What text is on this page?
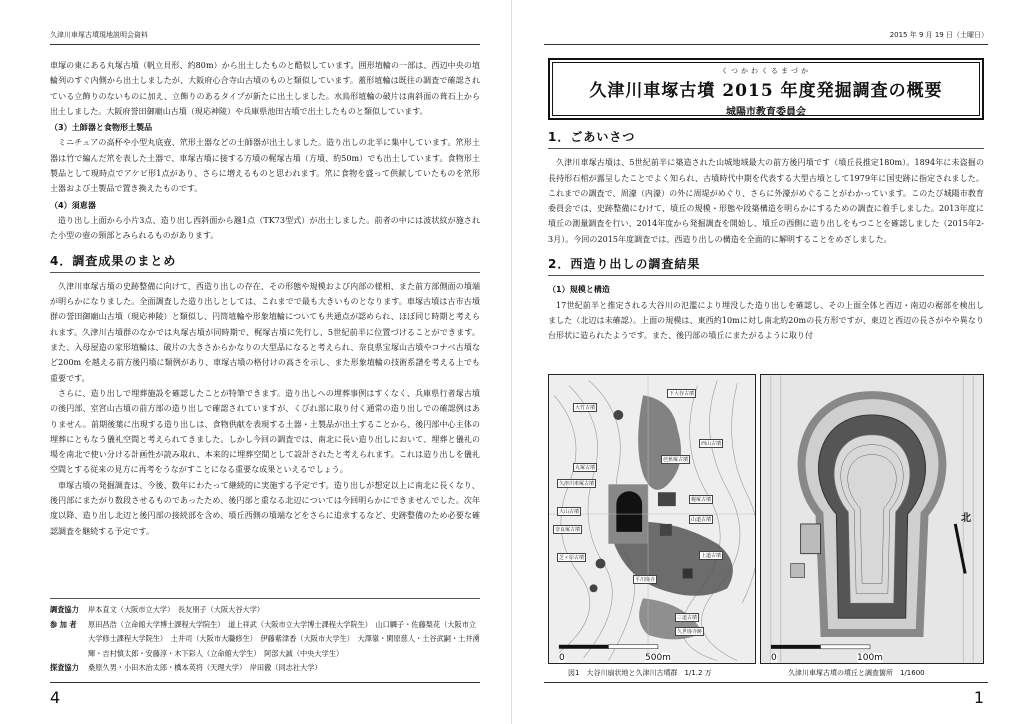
久津川車塚古墳現地説明会資料

車塚の東にある丸塚古墳（帆立貝形、約80m）から出土したものと酷似しています。囲形埴輪の一部は、西辺中央の埴輪列のすぐ内側から出土しましたが、大阪府心合寺山古墳のものと類似しています。蓋形埴輪は既往の調査で確認されている立飾りのないものに加え、立飾りのあるタイプが新たに出土しました。水鳥形埴輪の破片は南斜面の葺石上から出土しました。大阪府誉田御廟山古墳（現応神陵）や兵庫県池田古墳で出土したものと類似しています。

（3）土師器と食物形土製品

ミニチュアの高杯や小型丸底壺、笊形土器などの土師器が出土しました。造り出しの北半に集中しています。笊形土器は竹で編んだ笊を表した土器で、車塚古墳に接する方墳の梶塚古墳（方墳、約50m）でも出土しています。食物形土製品として現時点でアケビ形1点があり、さらに増えるものと思われます。笊に食物を盛って供献していたものを笊形土器および土製品で置き換えたものです。

（4）須恵器

造り出し上面から小片3点、造り出し西斜面から𤭯1点（TK73型式）が出土しました。前者の中には波状紋が施された小型の壺の頸部とみられるものがあります。

4．調査成果のまとめ

久津川車塚古墳の史跡整備に向けて、西造り出しの存在、その形態や規模および内部の様相、また前方部側面の墳端が明らかになりました。全面調査した造り出しとしては、これまでで最も大きいものとなります。車塚古墳は古市古墳群の誉田御廟山古墳（現応神陵）と類似し、円筒埴輪や形象埴輪についても共通点が認められ、ほぼ同じ時期と考えられます。久津川古墳群のなかでは丸塚古墳が同時期で、梶塚古墳に先行し、5世紀前半に位置づけることができます。また、入母屋造の家形埴輪は、破片の大きさからかなりの大型品になると考えられ、奈良県宝塚山古墳やコナベ古墳など200m を越える前方後円墳に類例があり、車塚古墳の格付けの高さを示し、また形象埴輪の技術系譜を考える上でも重要です。

さらに、造り出しで埋葬施設を確認したことが特筆できます。造り出しへの埋葬事例はすくなく、兵庫県行者塚古墳の後円部、室宮山古墳の前方部の造り出しで確認されていますが、くびれ部に取り付く通常の造り出しでの確認例はありません。前期後葉に出現する造り出しは、食物供献を表現する土器・土製品が出土することから、後円部中心主体の埋葬にともなう儀礼空間と考えられてきました。しかし今回の調査では、南北に長い造り出しにおいて、埋葬と儀礼の場を南北で使い分ける計画性が読み取れ、本来的に埋葬空間として設計されたと考えられます。これは造り出しを儀礼空間とする従来の見方に再考をうながすことになる重要な成果といえるでしょう。

車塚古墳の発掘調査は、今後、数年にわたって継続的に実施する予定です。造り出しが想定以上に南北に長くなり、後円部にまたがり数段させるものであったため、後円部と重なる北辺については今回明らかにできませんでした。次年度以降、造り出し北辺と後円部の接続部を含め、墳丘西側の墳端などをさらに追求するなど、史跡整備のため必要な確認調査を継続する予定です。

調査協力	岸本直文（大阪市立大学）　長友朋子（大阪大谷大学）
参 加 者	原田昌浩（立命館大学博士課程大学院生）　道上祥武（大阪市立大学博士課程大学院生）　山口麟子・佐藤梨花（大阪市立大学修士課程大学院生）　土井司（大阪市大職修生）　伊藤紫津香（大阪市大学生）　大澤嶺・閑原慈人・土谷武嗣・土井湧輝・吉村慎太郎・安藤淳・木下彩人（立命館大学生）　阿部大誠（中央大学生）
探査協力	桑原久男・小田木治太郎・橋本英将（天理大学）　岸田徹（同志社大学）
4
2015 年 9 月 19 日（土曜日）
くつかわくるまづか
久津川車塚古墳 2015 年度発掘調査の概要
城陽市教育委員会
1．ごあいさつ

久津川車塚古墳は、5世紀前半に築造された山城地域最大の前方後円墳です（墳丘長推定180m）。1894年に未盗掘の長持形石棺が露呈したことでよく知られ、古墳時代中期を代表する大型古墳として1979年に国史跡に指定されました。これまでの調査で、周濠（内濠）の外に周堤がめぐり、さらに外濠がめぐることがわかっています。このたび城陽市教育委員会では、史跡整備にむけて、墳丘の規模・形態や段築構造を明らかにするための調査に着手しました。2013年度に墳丘の測量調査を行い、2014年度から発掘調査を開始し、墳丘の西側に造り出しをもつことを確認しました（2015年2-3月）。今回の2015年度調査では、西造り出しの構造を全面的に解明することをめざしました。

2．西造り出しの調査結果
（1）規模と構造

17世紀前半と推定される大谷川の氾濫により埋没した造り出しを確認し、その上面全体と西辺・南辺の裾部を検出しました（北辺は未確認）。上面の規模は、東西約10mに対し南北約20mの長方形ですが、東辺と西辺の長さがやや異なり台形状に造られたようです。また、後円部の墳丘にまたがるように取り付

下大谷古墳
大竹古墳
芭蕉塚古墳
丸塚古墳
久津川車塚古墳
梶塚古墳
山道古墳
西山古墳
奈良塚古墳
芝ヶ原古墳
久世廃寺跡
平川廃寺
上道古墳
三道古墳
大山古墳
0	500m
北
0	100m
図1　大谷川扇状地と久津川古墳群　1/1.2 万	久津川車塚古墳の墳丘と調査箇所　1/1600
1
